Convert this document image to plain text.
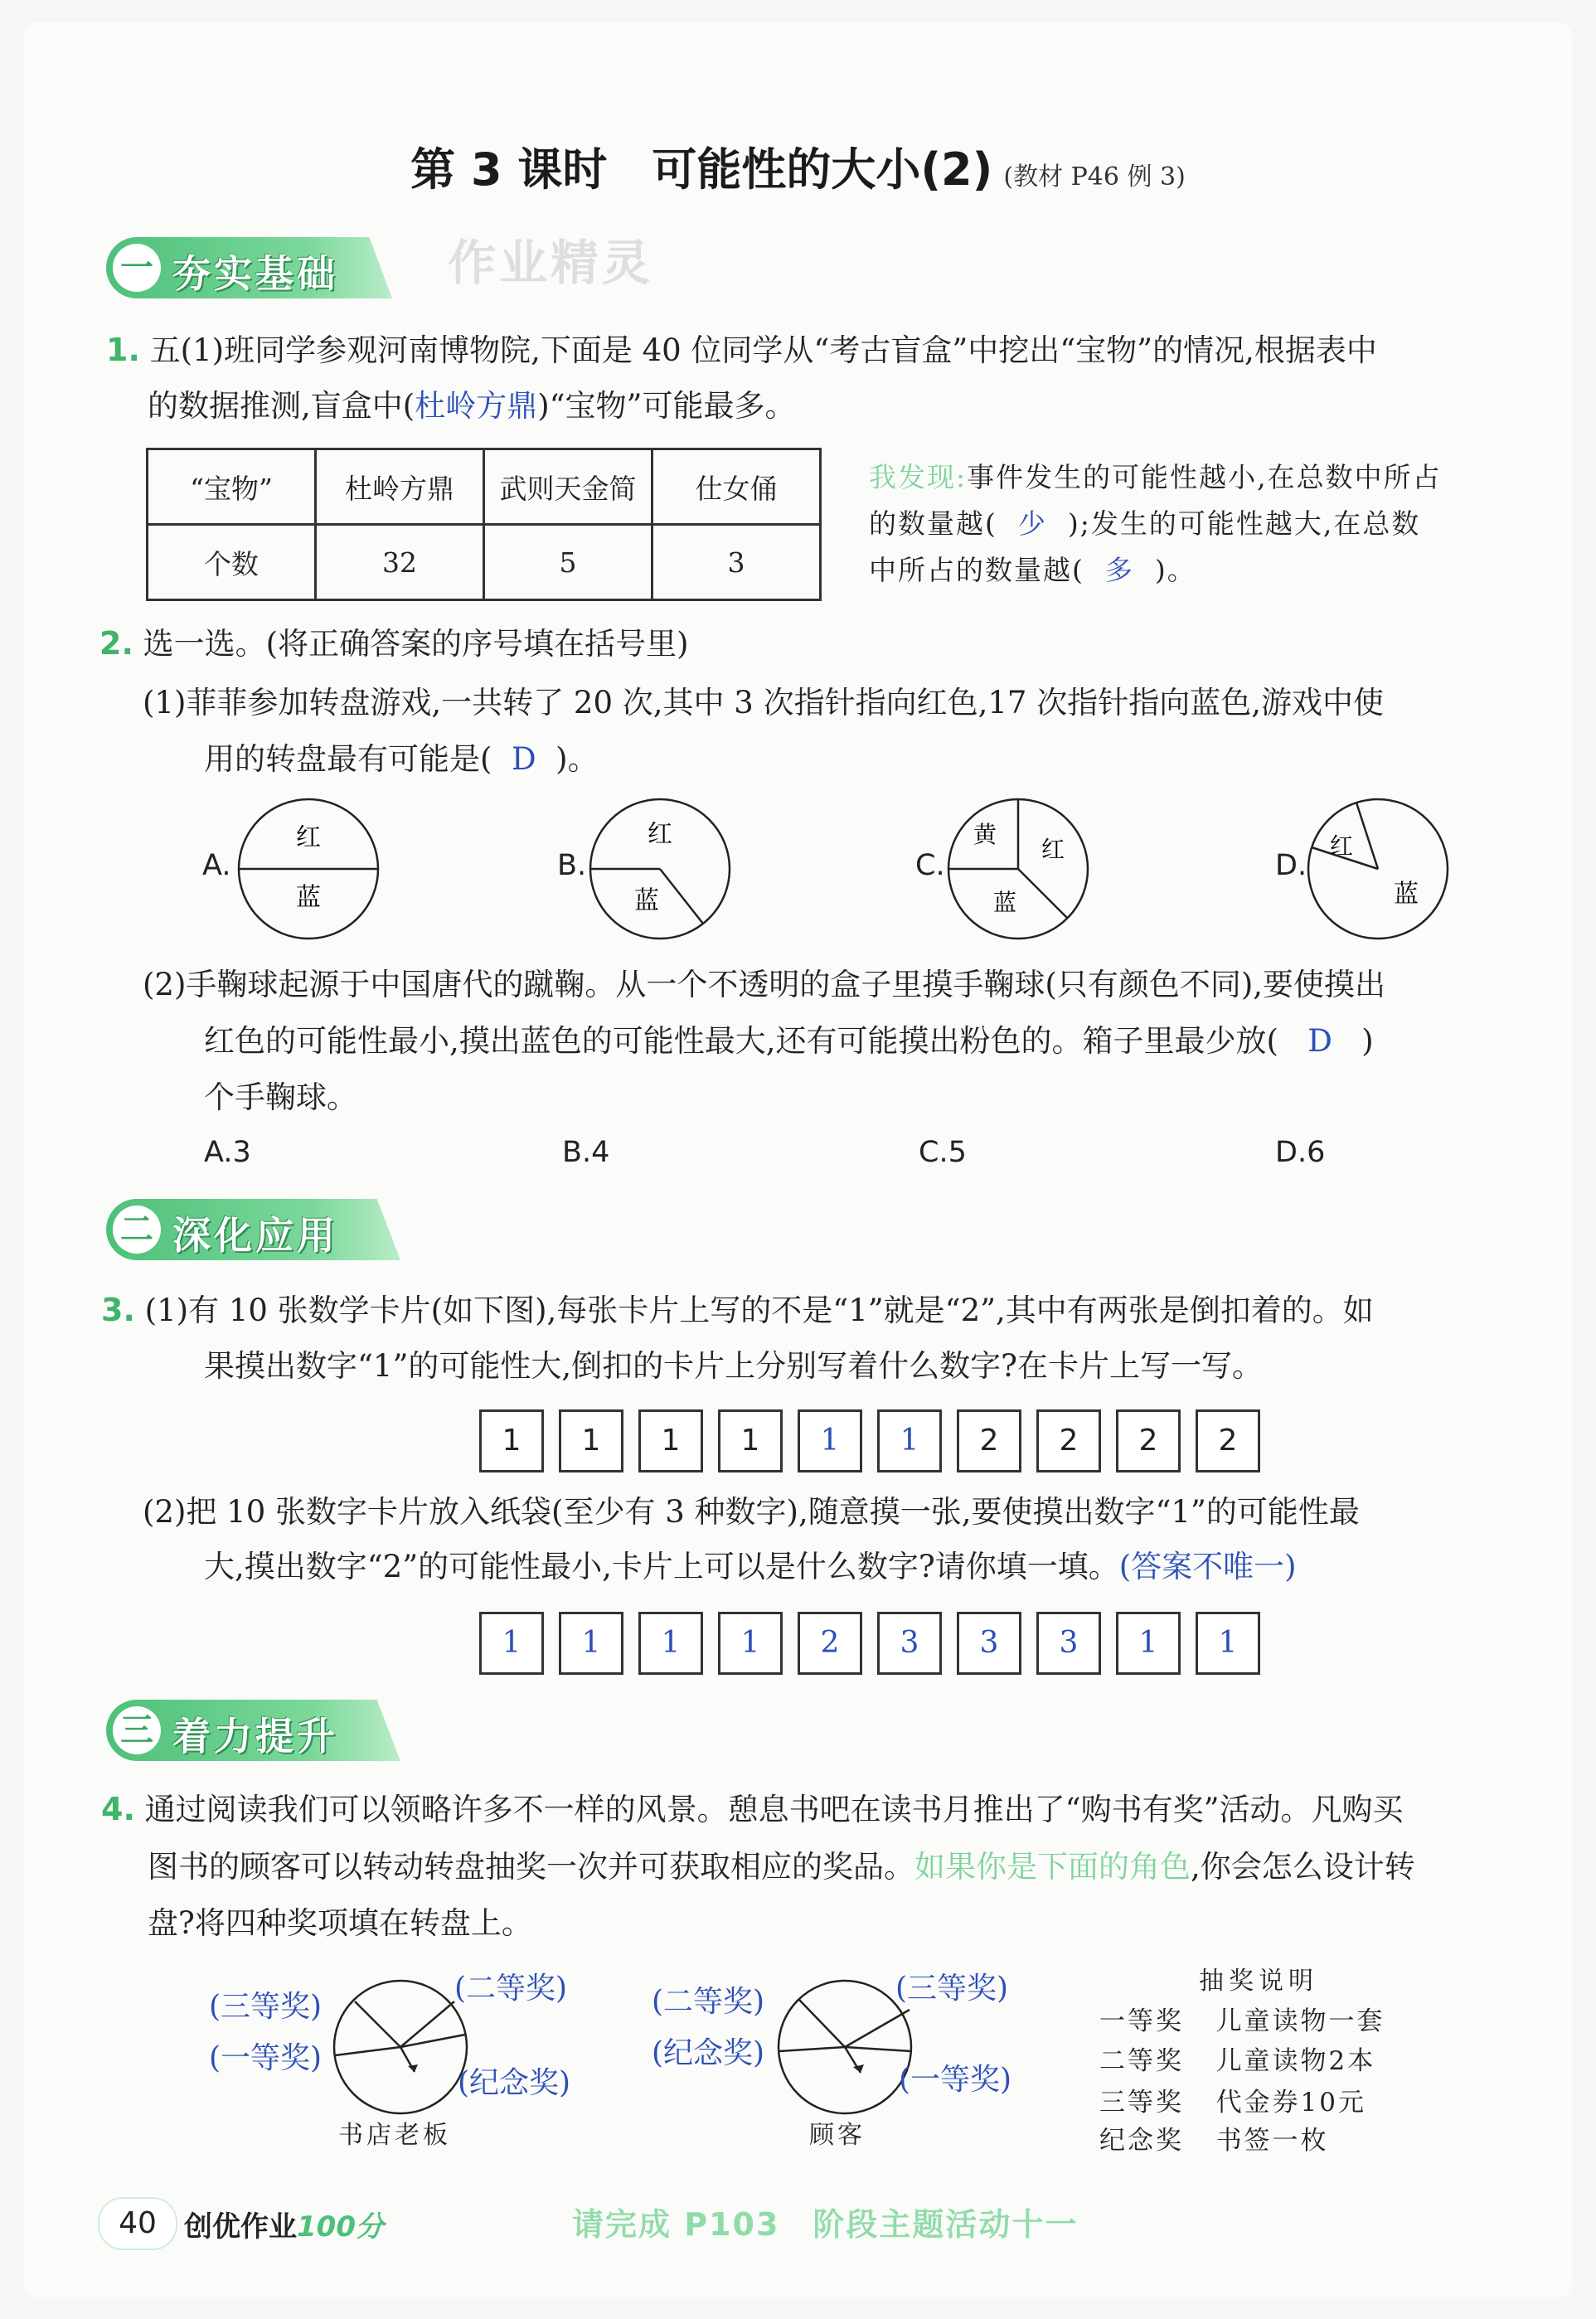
第 3 课时　可能性的大小(2) (教材 P46 例 3)
一 夯实基础 作业精灵
1. 五(1)班同学参观河南博物院,下面是 40 位同学从“考古盲盒”中挖出“宝物”的情况,根据表中
的数据推测,盲盒中(杜岭方鼎)“宝物”可能最多。
“宝物”	杜岭方鼎	武则天金简	仕女俑
个数	32	5	3
我发现:事件发生的可能性越小,在总数中所占
的数量越( 少 );发生的可能性越大,在总数
中所占的数量越( 多 )。
2. 选一选。(将正确答案的序号填在括号里)
(1)菲菲参加转盘游戏,一共转了 20 次,其中 3 次指针指向红色,17 次指针指向蓝色,游戏中使
用的转盘最有可能是( D )。
A.
红
蓝
B.
红
蓝
C.
黄
红
蓝
D.
红
蓝
(2)手鞠球起源于中国唐代的蹴鞠。从一个不透明的盒子里摸手鞠球(只有颜色不同),要使摸出
红色的可能性最小,摸出蓝色的可能性最大,还有可能摸出粉色的。箱子里最少放( D )
个手鞠球。
A.3	B.4	C.5	D.6
二 深化应用
3. (1)有 10 张数学卡片(如下图),每张卡片上写的不是“1”就是“2”,其中有两张是倒扣着的。如
果摸出数字“1”的可能性大,倒扣的卡片上分别写着什么数字?在卡片上写一写。
1	1	1	1	1	1	2	2	2	2
(2)把 10 张数字卡片放入纸袋(至少有 3 种数字),随意摸一张,要使摸出数字“1”的可能性最
大,摸出数字“2”的可能性最小,卡片上可以是什么数字?请你填一填。(答案不唯一)
1	1	1	1	2	3	3	3	1	1
三 着力提升
4. 通过阅读我们可以领略许多不一样的风景。憩息书吧在读书月推出了“购书有奖”活动。凡购买
图书的顾客可以转动转盘抽奖一次并可获取相应的奖品。如果你是下面的角色,你会怎么设计转
盘?将四种奖项填在转盘上。
(三等奖)
(二等奖)
(一等奖)
(纪念奖)
书店老板
(二等奖)	(三等奖)
(纪念奖)
(一等奖)
顾客
抽奖说明
一等奖 儿童读物一套
二等奖 儿童读物2本
三等奖 代金券10元
纪念奖 书签一枚
40 创优作业100分	请完成 P103　阶段主题活动十一
